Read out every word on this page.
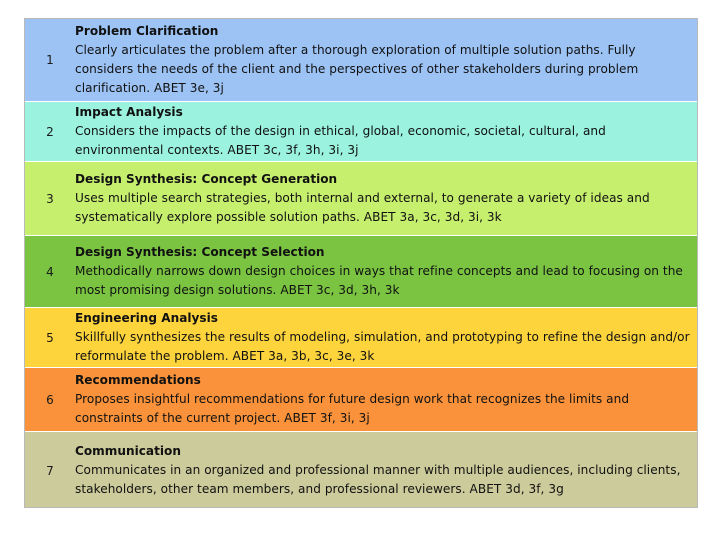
1
Problem Clarification
Clearly articulates the problem after a thorough exploration of multiple solution paths. Fully considers the needs of the client and the perspectives of other stakeholders during problem clarification. ABET 3e, 3j
2
Impact Analysis
Considers the impacts of the design in ethical, global, economic, societal, cultural, and environmental contexts. ABET 3c, 3f, 3h, 3i, 3j
3
Design Synthesis: Concept Generation
Uses multiple search strategies, both internal and external, to generate a variety of ideas and systematically explore possible solution paths. ABET 3a, 3c, 3d, 3i, 3k
4
Design Synthesis: Concept Selection
Methodically narrows down design choices in ways that refine concepts and lead to focusing on the most promising design solutions. ABET 3c, 3d, 3h, 3k
5
Engineering Analysis
Skillfully synthesizes the results of modeling, simulation, and prototyping to refine the design and/or reformulate the problem. ABET 3a, 3b, 3c, 3e, 3k
6
Recommendations
Proposes insightful recommendations for future design work that recognizes the limits and constraints of the current project. ABET 3f, 3i, 3j
7
Communication
Communicates in an organized and professional manner with multiple audiences, including clients, stakeholders, other team members, and professional reviewers. ABET 3d, 3f, 3g
